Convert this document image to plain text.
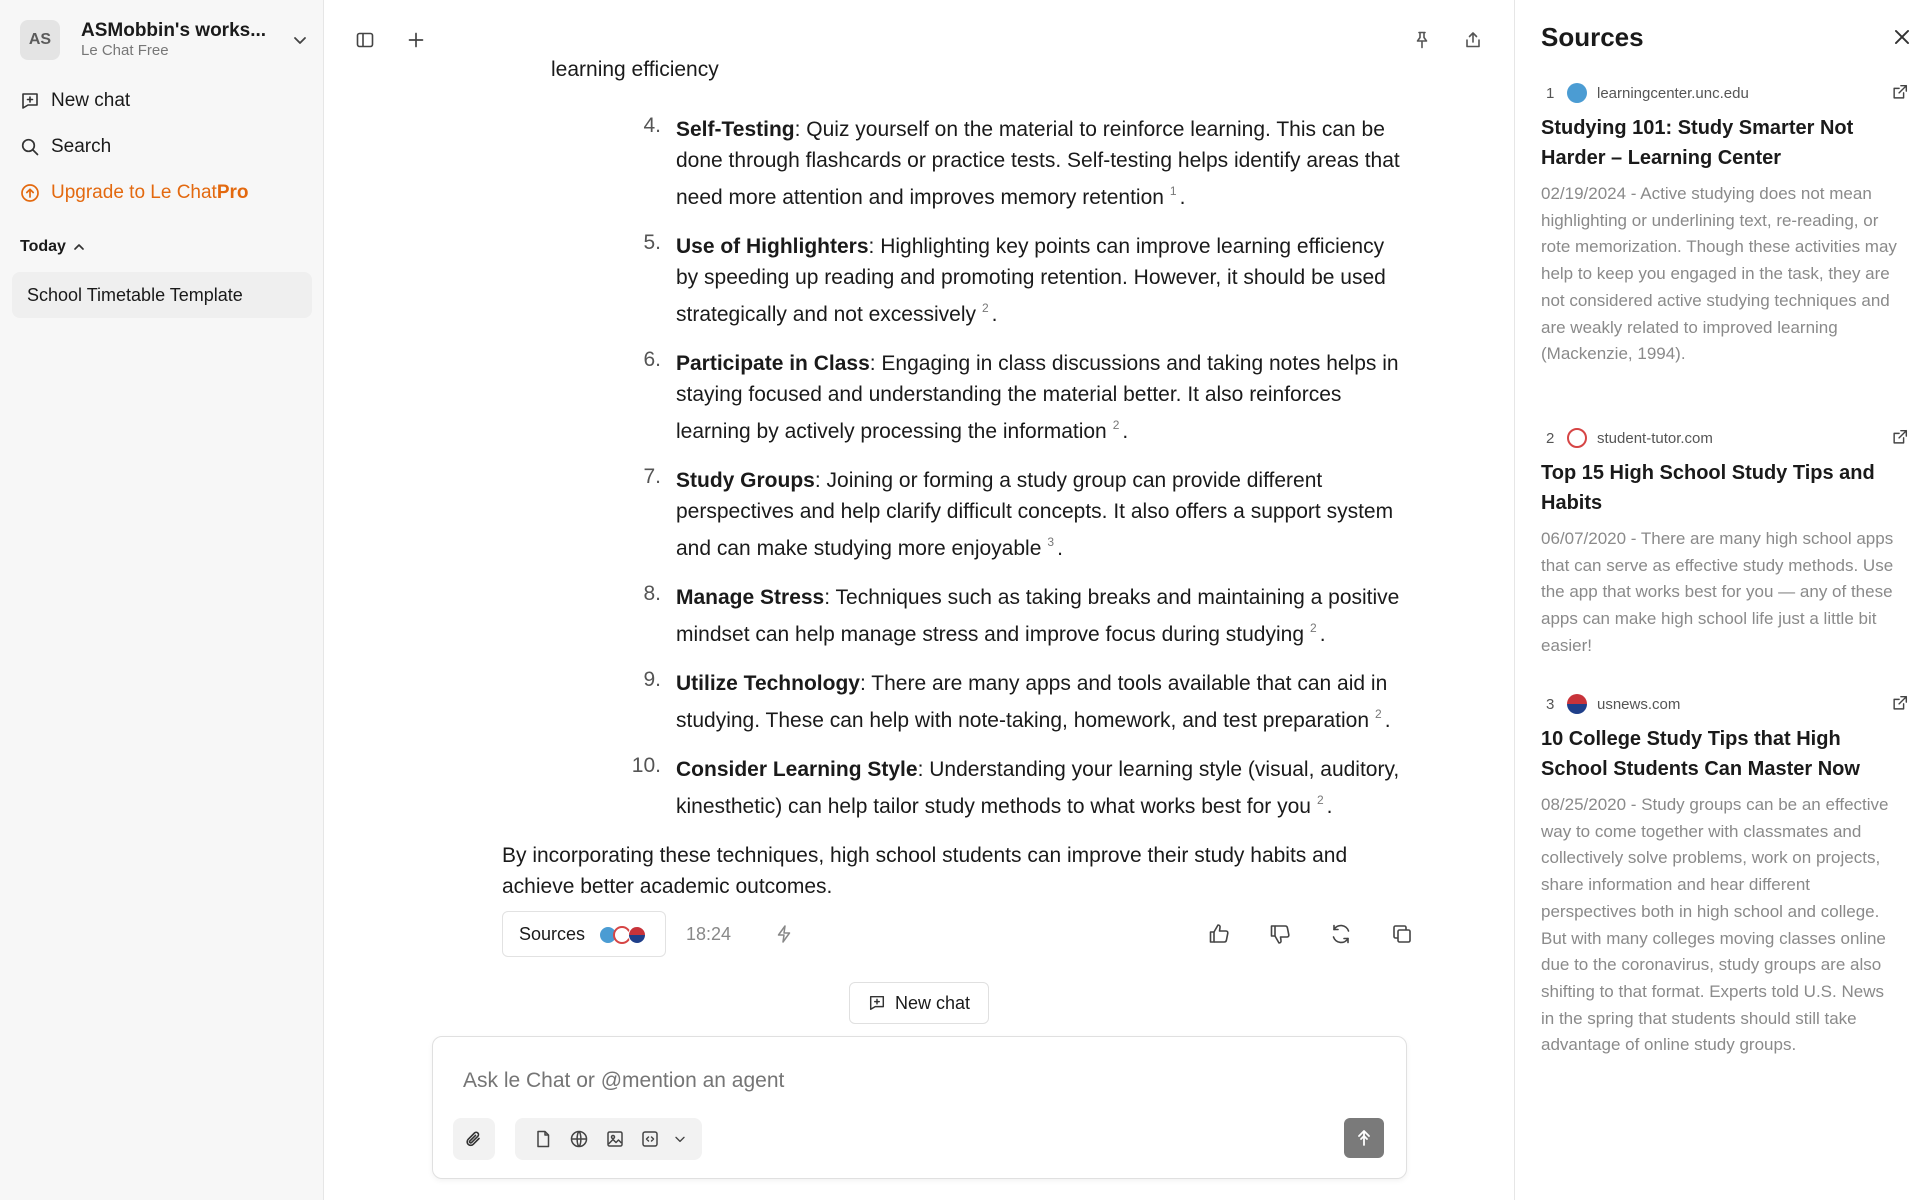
AS	ASMobbin's works...
Le Chat Free
New chat
Search
Upgrade to Le Chat Pro
Today
School Timetable Template
learning efficiency
4. Self-Testing: Quiz yourself on the material to reinforce learning. This can be done through flashcards or practice tests. Self-testing helps identify areas that need more attention and improves memory retention $^1$ .
5. Use of Highlighters: Highlighting key points can improve learning efficiency by speeding up reading and promoting retention. However, it should be used strategically and not excessively $^2$ .
6. Participate in Class: Engaging in class discussions and taking notes helps in staying focused and understanding the material better. It also reinforces learning by actively processing the information $^2$ .
7. Study Groups: Joining or forming a study group can provide different perspectives and help clarify difficult concepts. It also offers a support system and can make studying more enjoyable $^3$ .
8. Manage Stress: Techniques such as taking breaks and maintaining a positive mindset can help manage stress and improve focus during studying $^2$ .
9. Utilize Technology: There are many apps and tools available that can aid in studying. These can help with note-taking, homework, and test preparation $^2$ .
10. Consider Learning Style: Understanding your learning style (visual, auditory, kinesthetic) can help tailor study methods to what works best for you $^2$ .
By incorporating these techniques, high school students can improve their study habits and achieve better academic outcomes.
Sources	18:24
New chat
Ask le Chat or @mention an agent
Sources
1	learningcenter.unc.edu
Studying 101: Study Smarter Not Harder – Learning Center
02/19/2024 - Active studying does not mean highlighting or underlining text, re-reading, or rote memorization. Though these activities may help to keep you engaged in the task, they are not considered active studying techniques and are weakly related to improved learning (Mackenzie, 1994).
2	student-tutor.com
Top 15 High School Study Tips and Habits
06/07/2020 - There are many high school apps that can serve as effective study methods. Use the app that works best for you — any of these apps can make high school life just a little bit easier!
3	usnews.com
10 College Study Tips that High School Students Can Master Now
08/25/2020 - Study groups can be an effective way to come together with classmates and collectively solve problems, work on projects, share information and hear different perspectives both in high school and college. But with many colleges moving classes online due to the coronavirus, study groups are also shifting to that format. Experts told U.S. News in the spring that students should still take advantage of online study groups.
